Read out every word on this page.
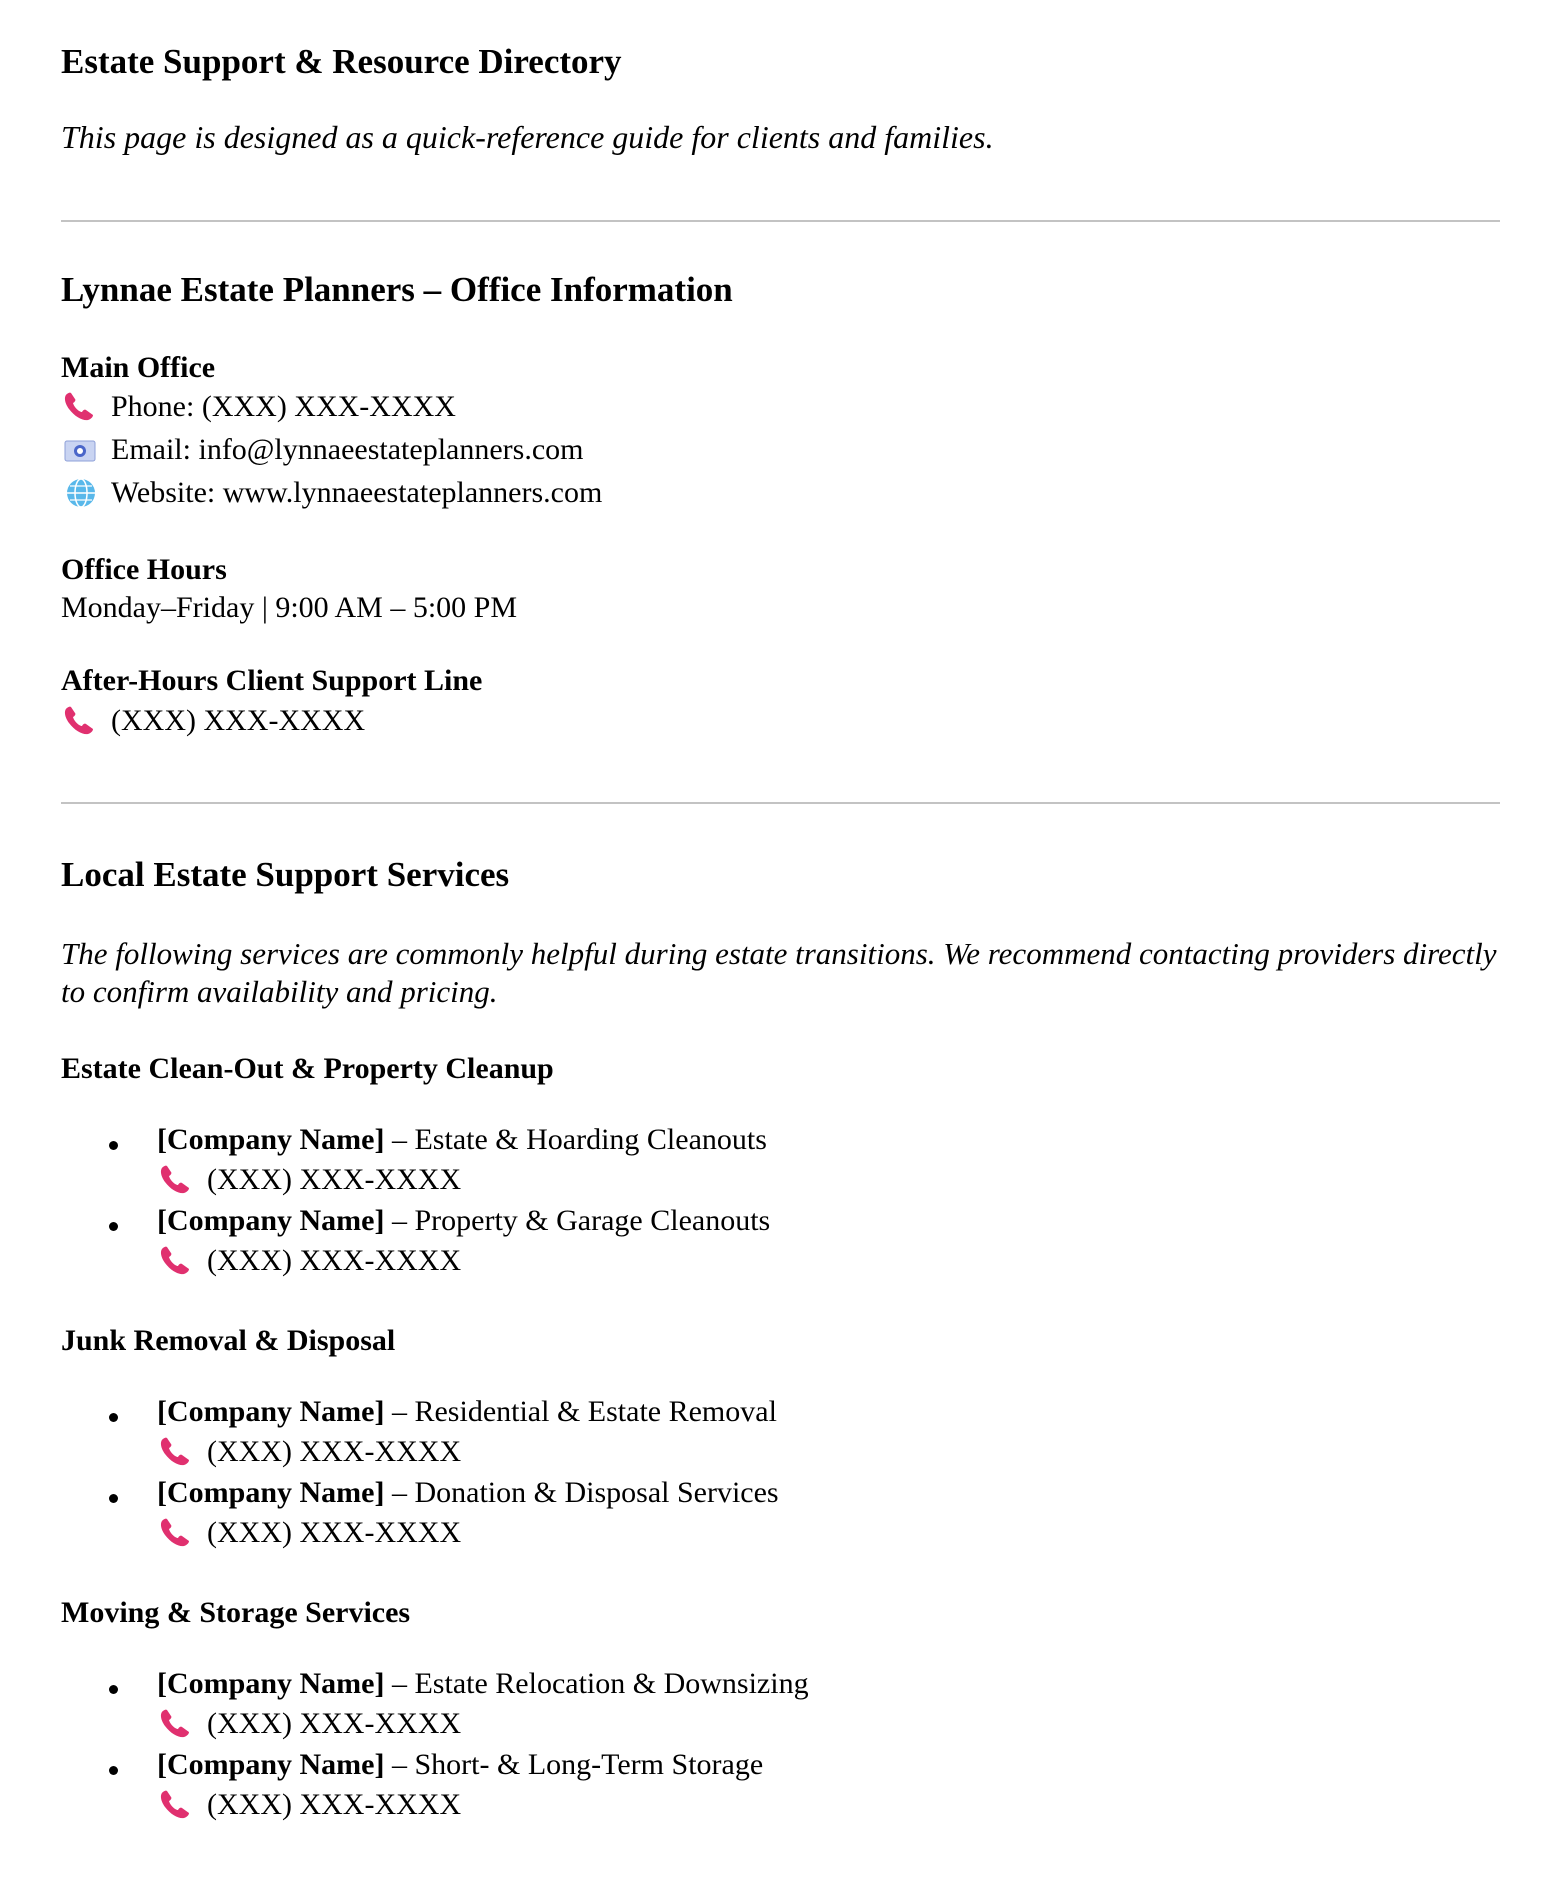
Estate Support & Resource Directory
This page is designed as a quick-reference guide for clients and families.
Lynnae Estate Planners – Office Information
Main Office
Phone: (XXX) XXX-XXXX
Email: info@lynnaeestateplanners.com
Website: www.lynnaeestateplanners.com
Office Hours
Monday–Friday | 9:00 AM – 5:00 PM
After-Hours Client Support Line
(XXX) XXX-XXXX
Local Estate Support Services
The following services are commonly helpful during estate transitions. We recommend contacting providers directly to confirm availability and pricing.
Estate Clean-Out & Property Cleanup
[Company Name] – Estate & Hoarding Cleanouts
(XXX) XXX-XXXX
[Company Name] – Property & Garage Cleanouts
(XXX) XXX-XXXX
Junk Removal & Disposal
[Company Name] – Residential & Estate Removal
(XXX) XXX-XXXX
[Company Name] – Donation & Disposal Services
(XXX) XXX-XXXX
Moving & Storage Services
[Company Name] – Estate Relocation & Downsizing
(XXX) XXX-XXXX
[Company Name] – Short- & Long-Term Storage
(XXX) XXX-XXXX
